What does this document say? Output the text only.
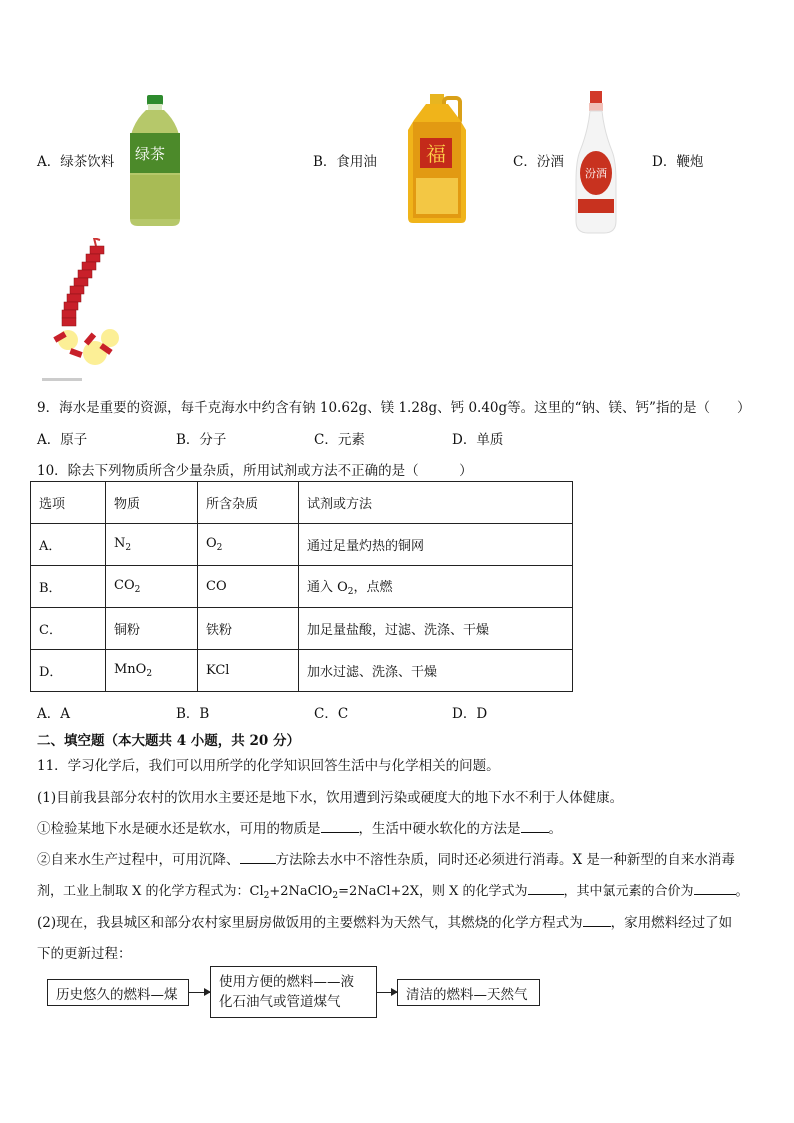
A．绿茶饮料 绿茶	B．食用油 福	C．汾酒
汾酒
D．鞭炮
9．海水是重要的资源，每千克海水中约含有钠 10.62g、镁 1.28g、钙 0.40g等。这里的“钠、镁、钙”指的是（　　）
A．原子	B．分子	C．元素	D．单质
10．除去下列物质所含少量杂质，所用试剂或方法不正确的是（　　　）
选项	物质	所含杂质	试剂或方法
A．	$N_2$	$O_2$	通过足量灼热的铜网
B．	$CO_2$	CO	通入 $O_2$，点燃
C．	铜粉	铁粉	加足量盐酸，过滤、洗涤、干燥
D．	MnO$_2$	KCl	加水过滤、洗涤、干燥
A．A	B．B	C．C	D．D
二、填空题（本大题共 4 小题，共 20 分）
11．学习化学后，我们可以用所学的化学知识回答生活中与化学相关的问题。
(1)目前我县部分农村的饮用水主要还是地下水，饮用遭到污染或硬度大的地下水不利于人体健康。
①检验某地下水是硬水还是软水，可用的物质是	，生活中硬水软化的方法是 。
②自来水生产过程中，可用沉降、	方法除去水中不溶性杂质，同时还必须进行消毒。X 是一种新型的自来水消毒
剂，工业上制取 X 的化学方程式为：$Cl_2+2NaClO_2=2NaCl+2X$，则 X 的化学式为	，其中氯元素的合价为	。
(2)现在，我县城区和部分农村家里厨房做饭用的主要燃料为天然气，其燃烧的化学方程式为 ，家用燃料经过了如
下的更新过程：
历史悠久的燃料—煤
使用方便的燃料——液
化石油气或管道煤气	清洁的燃料—天然气
